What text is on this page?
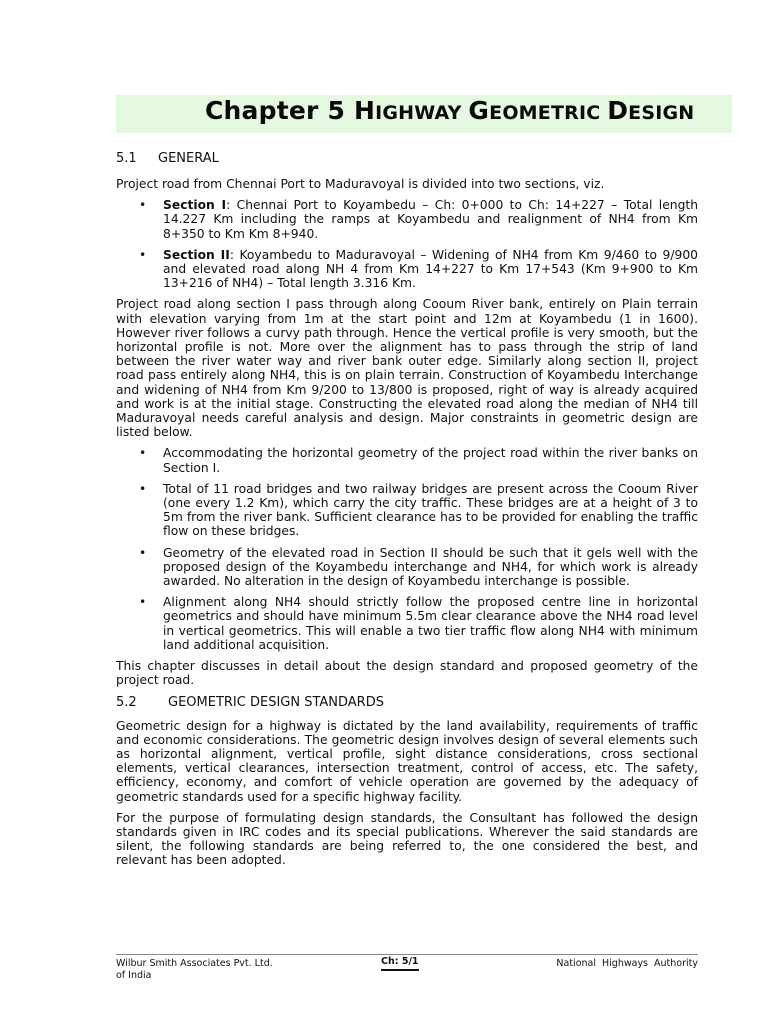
Chapter 5 HIGHWAY GEOMETRIC DESIGN
5.1 GENERAL

Project road from Chennai Port to Maduravoyal is divided into two sections, viz.

• Section I: Chennai Port to Koyambedu – Ch: 0+000 to Ch: 14+227 – Total length 14.227 Km including the ramps at Koyambedu and realignment of NH4 from Km 8+350 to Km Km 8+940.
• Section II: Koyambedu to Maduravoyal – Widening of NH4 from Km 9/460 to 9/900 and elevated road along NH 4 from Km 14+227 to Km 17+543 (Km 9+900 to Km 13+216 of NH4) – Total length 3.316 Km.

Project road along section I pass through along Cooum River bank, entirely on Plain terrain with elevation varying from 1m at the start point and 12m at Koyambedu (1 in 1600). However river follows a curvy path through. Hence the vertical profile is very smooth, but the horizontal profile is not. More over the alignment has to pass through the strip of land between the river water way and river bank outer edge. Similarly along section II, project road pass entirely along NH4, this is on plain terrain. Construction of Koyambedu Interchange and widening of NH4 from Km 9/200 to 13/800 is proposed, right of way is already acquired and work is at the initial stage. Constructing the elevated road along the median of NH4 till Maduravoyal needs careful analysis and design. Major constraints in geometric design are listed below.

• Accommodating the horizontal geometry of the project road within the river banks on Section I.
• Total of 11 road bridges and two railway bridges are present across the Cooum River (one every 1.2 Km), which carry the city traffic. These bridges are at a height of 3 to 5m from the river bank. Sufficient clearance has to be provided for enabling the traffic flow on these bridges.
• Geometry of the elevated road in Section II should be such that it gels well with the proposed design of the Koyambedu interchange and NH4, for which work is already awarded. No alteration in the design of Koyambedu interchange is possible.
• Alignment along NH4 should strictly follow the proposed centre line in horizontal geometrics and should have minimum 5.5m clear clearance above the NH4 road level in vertical geometrics. This will enable a two tier traffic flow along NH4 with minimum land additional acquisition.

This chapter discusses in detail about the design standard and proposed geometry of the project road.

5.2 GEOMETRIC DESIGN STANDARDS

Geometric design for a highway is dictated by the land availability, requirements of traffic and economic considerations. The geometric design involves design of several elements such as horizontal alignment, vertical profile, sight distance considerations, cross sectional elements, vertical clearances, intersection treatment, control of access, etc. The safety, efficiency, economy, and comfort of vehicle operation are governed by the adequacy of geometric standards used for a specific highway facility.

For the purpose of formulating design standards, the Consultant has followed the design standards given in IRC codes and its special publications. Wherever the said standards are silent, the following standards are being referred to, the one considered the best, and relevant has been adopted.

Wilbur Smith Associates Pvt. Ltd.	Ch: 5/1	National Highways Authority
of India
